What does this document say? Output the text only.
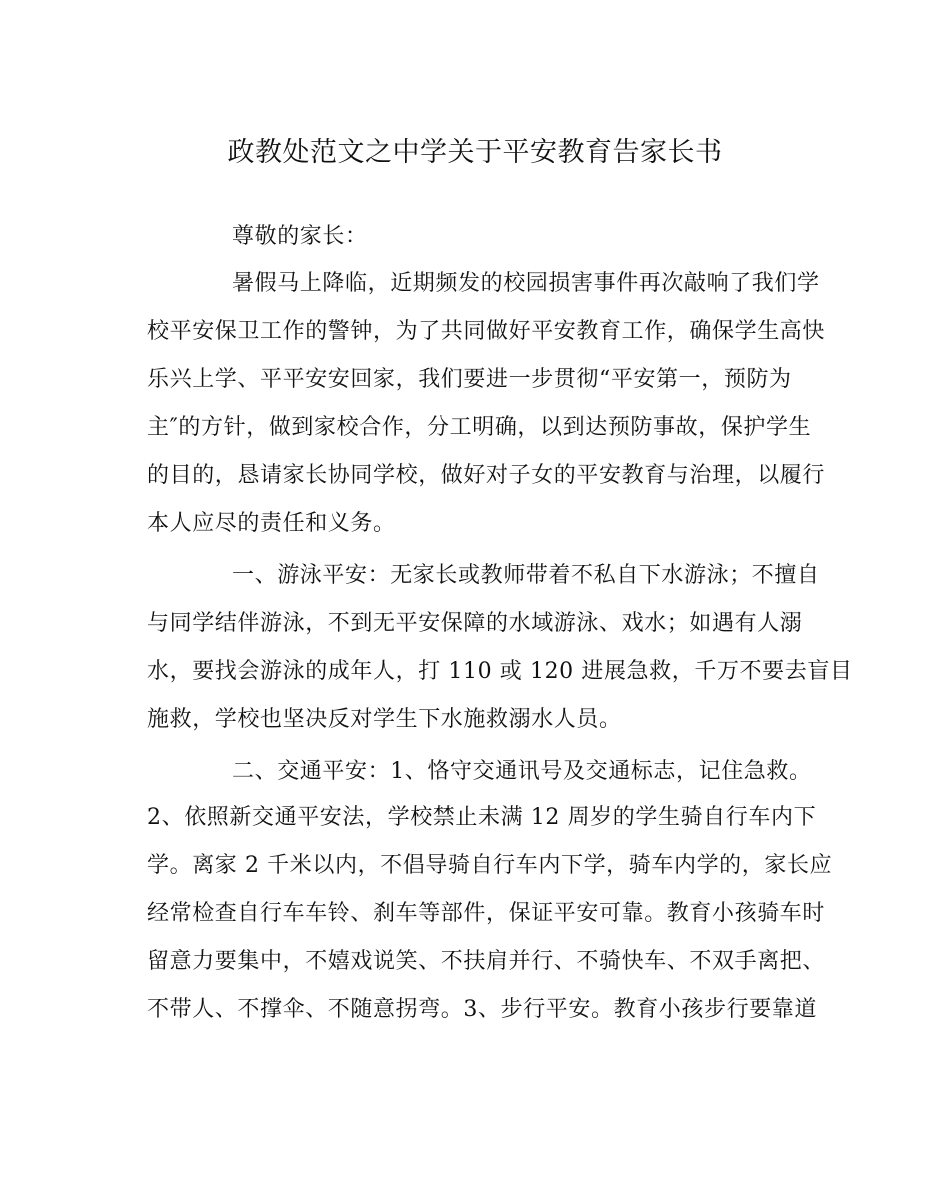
政教处范文之中学关于平安教育告家长书
尊敬的家长：
暑假马上降临，近期频发的校园损害事件再次敲响了我们学
校平安保卫工作的警钟，为了共同做好平安教育工作，确保学生高快
乐兴上学、平平安安回家，我们要进一步贯彻“平安第一，预防为
主″的方针，做到家校合作，分工明确，以到达预防事故，保护学生
的目的，恳请家长协同学校，做好对子女的平安教育与治理，以履行
本人应尽的责任和义务。
一、游泳平安：无家长或教师带着不私自下水游泳；不擅自
与同学结伴游泳，不到无平安保障的水域游泳、戏水；如遇有人溺
水，要找会游泳的成年人，打 110 或 120 进展急救，千万不要去盲目
施救，学校也坚决反对学生下水施救溺水人员。
二、交通平安：1、恪守交通讯号及交通标志，记住急救。
2、依照新交通平安法，学校禁止未满 12 周岁的学生骑自行车内下
学。离家 2 千米以内，不倡导骑自行车内下学，骑车内学的，家长应
经常检查自行车车铃、刹车等部件，保证平安可靠。教育小孩骑车时
留意力要集中，不嬉戏说笑、不扶肩并行、不骑快车、不双手离把、
不带人、不撑伞、不随意拐弯。3、步行平安。教育小孩步行要靠道
